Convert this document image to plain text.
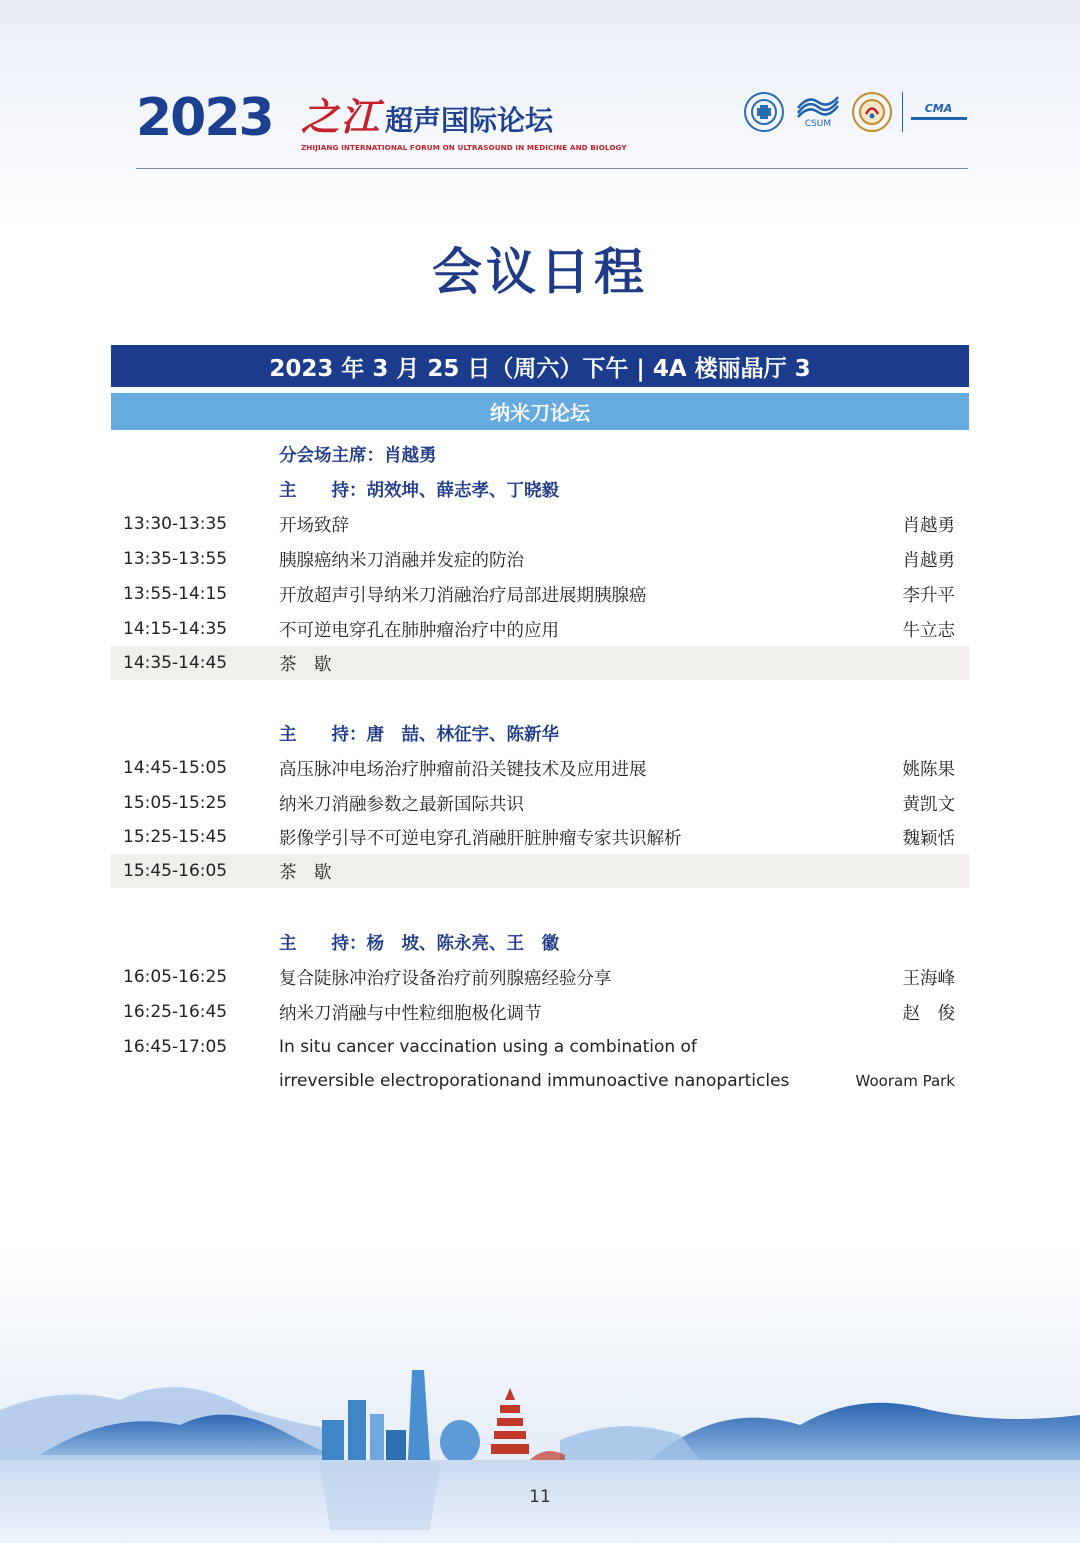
2023 之江 超声国际论坛
ZHIJIANG INTERNATIONAL FORUM ON ULTRASOUND IN MEDICINE AND BIOLOGY
CSUM
CMA
会议日程
2023 年 3 月 25 日（周六）下午 | 4A 楼丽晶厅 3
纳米刀论坛
分会场主席：肖越勇
主　　持：胡效坤、薛志孝、丁晓毅
13:30-13:35	开场致辞	肖越勇
13:35-13:55	胰腺癌纳米刀消融并发症的防治	肖越勇
13:55-14:15	开放超声引导纳米刀消融治疗局部进展期胰腺癌	李升平
14:15-14:35	不可逆电穿孔在肺肿瘤治疗中的应用	牛立志
14:35-14:45	茶　歇
主　　持：唐　喆、林征宇、陈新华
14:45-15:05	高压脉冲电场治疗肿瘤前沿关键技术及应用进展	姚陈果
15:05-15:25	纳米刀消融参数之最新国际共识	黄凯文
15:25-15:45	影像学引导不可逆电穿孔消融肝脏肿瘤专家共识解析	魏颖恬
15:45-16:05	茶　歇
主　　持：杨　坡、陈永亮、王　徽
16:05-16:25	复合陡脉冲治疗设备治疗前列腺癌经验分享	王海峰
16:25-16:45	纳米刀消融与中性粒细胞极化调节	赵　俊
16:45-17:05	In situ cancer vaccination using a combination of
irreversible electroporationand immunoactive nanoparticles	Wooram Park
11
